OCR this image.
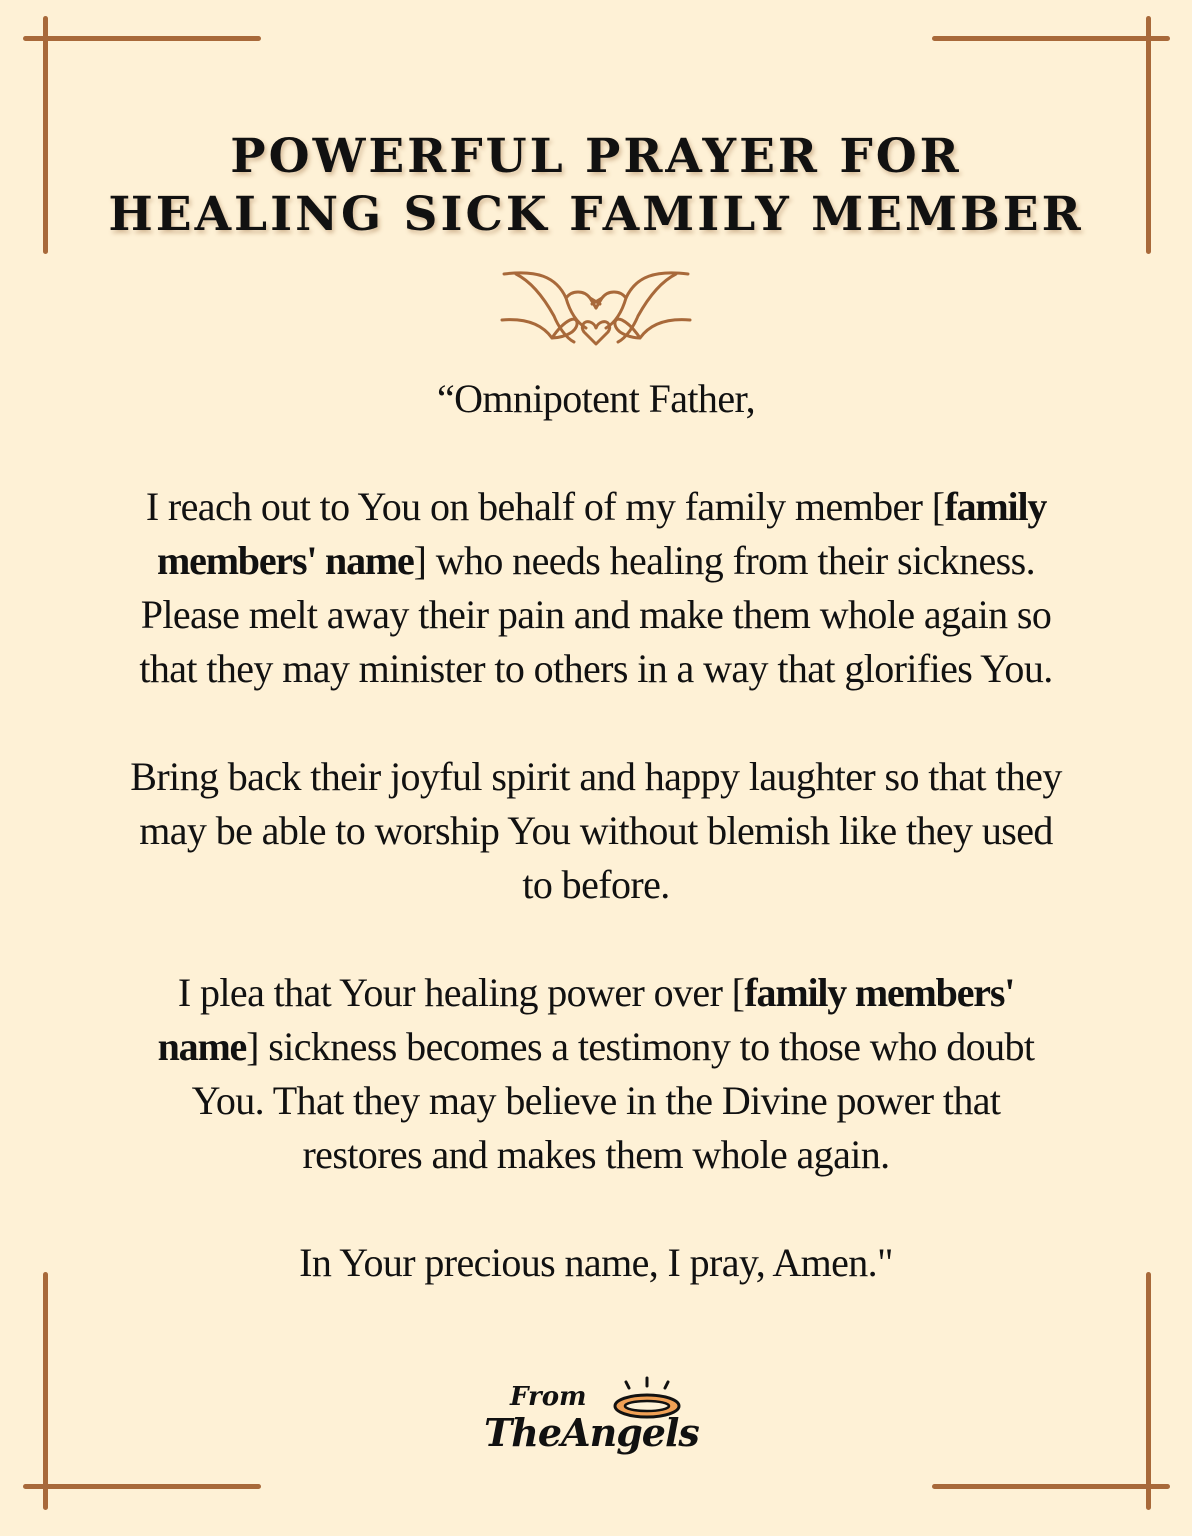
POWERFUL PRAYER FOR
HEALING SICK FAMILY MEMBER

“Omnipotent Father,

I reach out to You on behalf of my family member [family members' name] who needs healing from their sickness. Please melt away their pain and make them whole again so that they may minister to others in a way that glorifies You.

Bring back their joyful spirit and happy laughter so that they may be able to worship You without blemish like they used to before.

I plea that Your healing power over [family members' name] sickness becomes a testimony to those who doubt You. That they may believe in the Divine power that restores and makes them whole again.

In Your precious name, I pray, Amen."

From
TheAngels
